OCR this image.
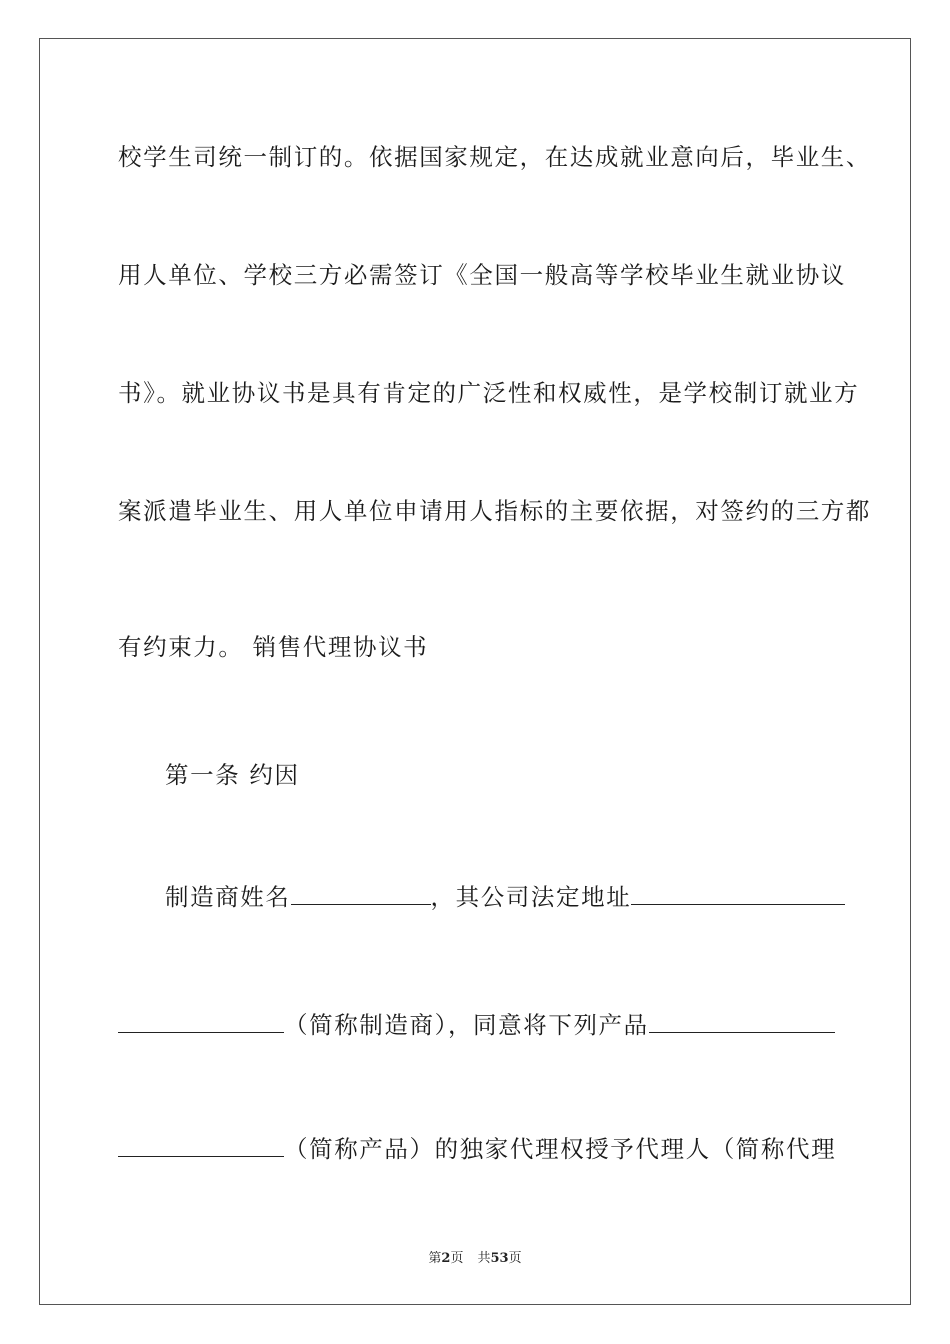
校学生司统一制订的。依据国家规定，在达成就业意向后，毕业生、
用人单位、学校三方必需签订《全国一般高等学校毕业生就业协议
书》。就业协议书是具有肯定的广泛性和权威性，是学校制订就业方
案派遣毕业生、用人单位申请用人指标的主要依据，对签约的三方都
有约束力。 销售代理协议书
第一条 约因
制造商姓名	，其公司法定地址
（简称制造商），同意将下列产品
（简称产品）的独家代理权授予代理人（简称代理
第2页 共53页
